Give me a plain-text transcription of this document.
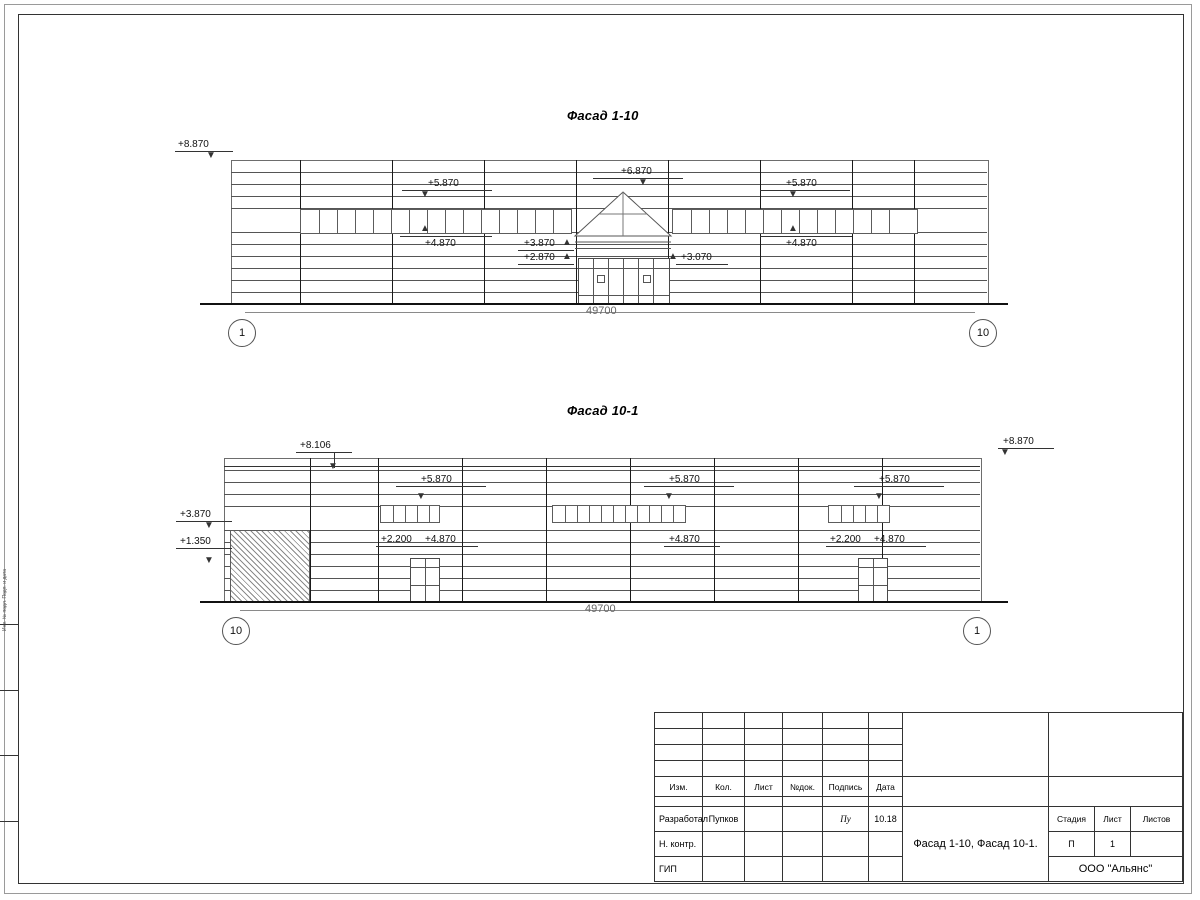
Инв. № подл. Подп. и дата
Фасад 1-10
49700
1	10
+8.870
▼
+5.870
▼
+6.870
▼	+5.870
▼
+4.870
▲
+3.870 ▲
+2.870 ▲	+3.070
▲
+4.870
▲
Фасад 10-1
49700
10	1
+8.106
▼
+8.870
▼
+5.870
▼
+5.870
▼
+5.870
▼
+3.870
▼
+1.350
▼
+2.200 +4.870	+4.870	+2.200 +4.870

Изм.	Кол.	Лист	№док.	Подпись	Дата				

Разработал	Пупков			Пу	10.18	Фасад 1-10, Фасад 10-1.	Стадия	Лист	Листов
Н. контр.							П	1	
ГИП							ООО "Альянс"		
